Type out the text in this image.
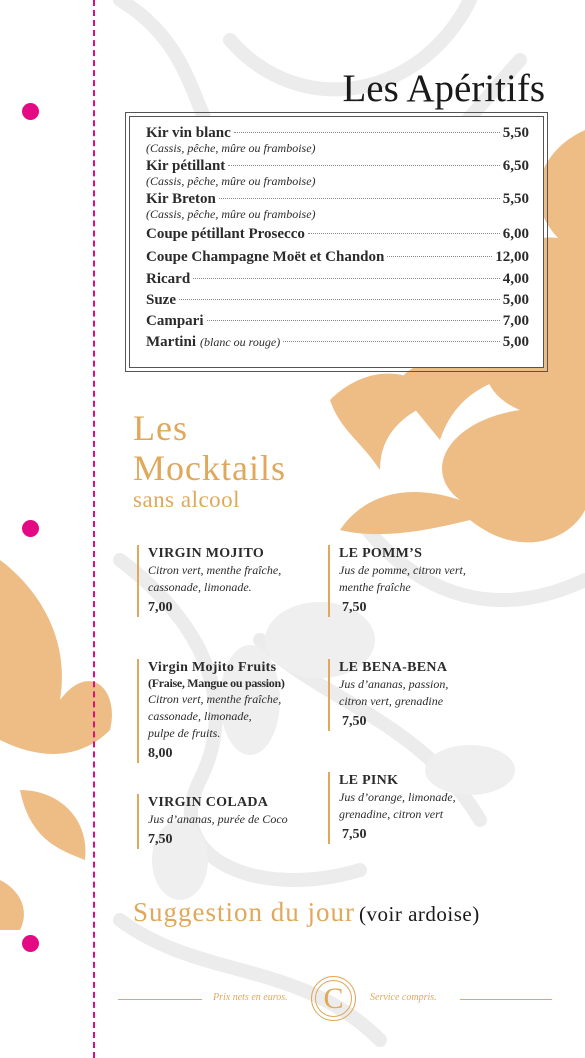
Les Apéritifs
Kir vin blanc	5,50
(Cassis, pêche, mûre ou framboise)
Kir pétillant	6,50
(Cassis, pêche, mûre ou framboise)
Kir Breton	5,50
(Cassis, pêche, mûre ou framboise)
Coupe pétillant Prosecco	6,00
Coupe Champagne Moët et Chandon	12,00
Ricard	4,00
Suze	5,00
Campari	7,00
Martini (blanc ou rouge)	5,00
Les
Mocktails
sans alcool
VIRGIN MOJITO
Citron vert, menthe fraîche,
cassonade, limonade.
7,00
Virgin Mojito Fruits
(Fraise, Mangue ou passion)
Citron vert, menthe fraîche,
cassonade, limonade,
pulpe de fruits.
8,00
VIRGIN COLADA
Jus d’ananas, purée de Coco
7,50
LE POMM’S
Jus de pomme, citron vert,
menthe fraîche
7,50
LE BENA-BENA
Jus d’ananas, passion,
citron vert, grenadine
7,50
LE PINK
Jus d’orange, limonade,
grenadine, citron vert
7,50
Suggestion du jour (voir ardoise)
Prix nets en euros.	Service compris.
C
